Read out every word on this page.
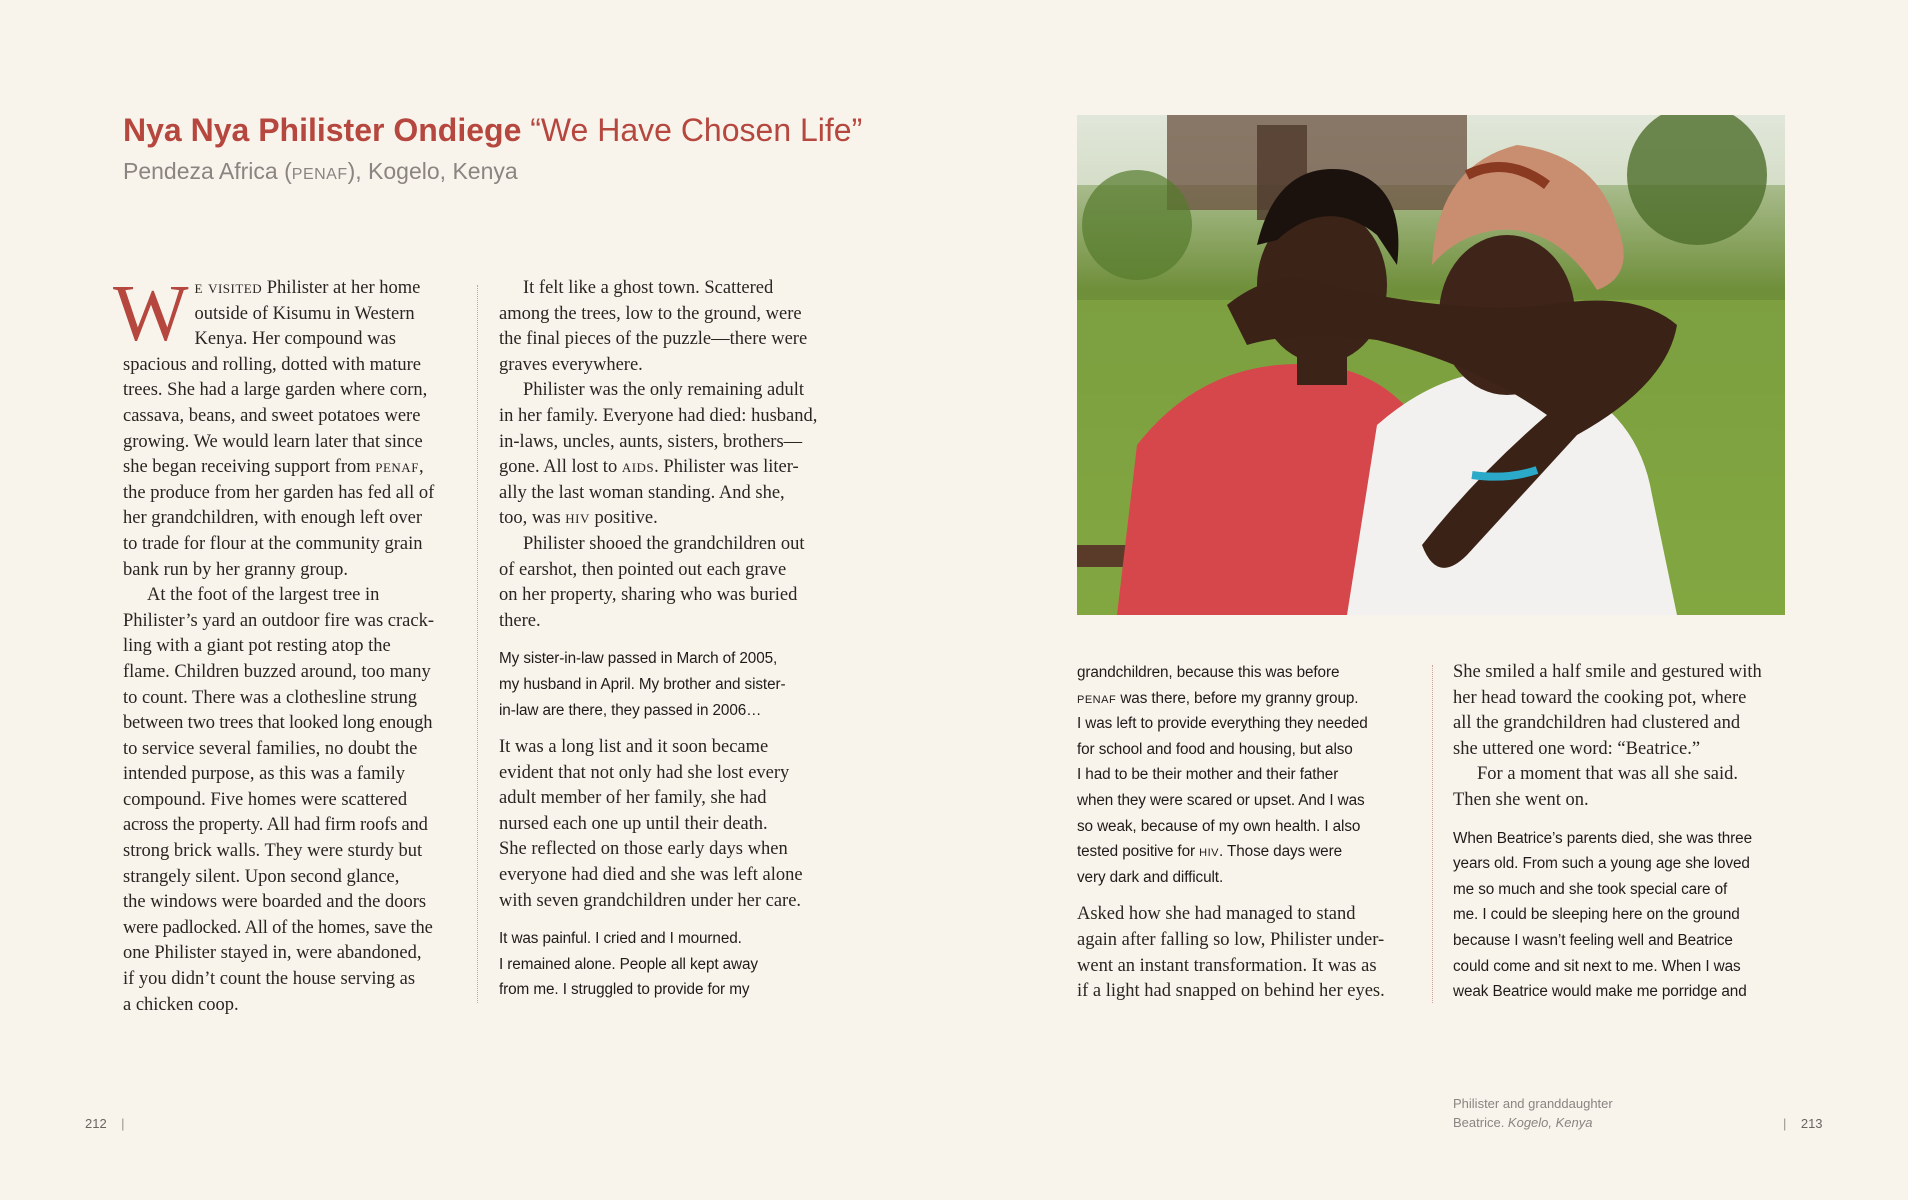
Nya Nya Philister Ondiege “We Have Chosen Life”
Pendeza Africa (penaf), Kogelo, Kenya

We visited Philister at her home
outside of Kisumu in Western
Kenya. Her compound was
spacious and rolling, dotted with mature
trees. She had a large garden where corn,
cassava, beans, and sweet potatoes were
growing. We would learn later that since
she began receiving support from penaf,
the produce from her garden has fed all of
her grandchildren, with enough left over
to trade for flour at the community grain
bank run by her granny group.

At the foot of the largest tree in
Philister’s yard an outdoor fire was crack-
ling with a giant pot resting atop the
flame. Children buzzed around, too many
to count. There was a clothesline strung
between two trees that looked long enough
to service several families, no doubt the
intended purpose, as this was a family
compound. Five homes were scattered
across the property. All had firm roofs and
strong brick walls. They were sturdy but
strangely silent. Upon second glance,
the windows were boarded and the doors
were padlocked. All of the homes, save the
one Philister stayed in, were abandoned,
if you didn’t count the house serving as
a chicken coop.

It felt like a ghost town. Scattered
among the trees, low to the ground, were
the final pieces of the puzzle—there were
graves everywhere.

Philister was the only remaining adult
in her family. Everyone had died: husband,
in-laws, uncles, aunts, sisters, brothers—
gone. All lost to aids. Philister was liter-
ally the last woman standing. And she,
too, was hiv positive.

Philister shooed the grandchildren out
of earshot, then pointed out each grave
on her property, sharing who was buried
there.

My sister-in-law passed in March of 2005,
my husband in April. My brother and sister-
in-law are there, they passed in 2006…

It was a long list and it soon became
evident that not only had she lost every
adult member of her family, she had
nursed each one up until their death.
She reflected on those early days when
everyone had died and she was left alone
with seven grandchildren under her care.

It was painful. I cried and I mourned.
I remained alone. People all kept away
from me. I struggled to provide for my

grandchildren, because this was before
penaf was there, before my granny group.
I was left to provide everything they needed
for school and food and housing, but also
I had to be their mother and their father
when they were scared or upset. And I was
so weak, because of my own health. I also
tested positive for hiv. Those days were
very dark and difficult.

Asked how she had managed to stand
again after falling so low, Philister under-
went an instant transformation. It was as
if a light had snapped on behind her eyes.

She smiled a half smile and gestured with
her head toward the cooking pot, where
all the grandchildren had clustered and
she uttered one word: “Beatrice.”

For a moment that was all she said.
Then she went on.

When Beatrice’s parents died, she was three
years old. From such a young age she loved
me so much and she took special care of
me. I could be sleeping here on the ground
because I wasn’t feeling well and Beatrice
could come and sit next to me. When I was
weak Beatrice would make me porridge and

Philister and granddaughter
Beatrice. Kogelo, Kenya
212 |	| 213
